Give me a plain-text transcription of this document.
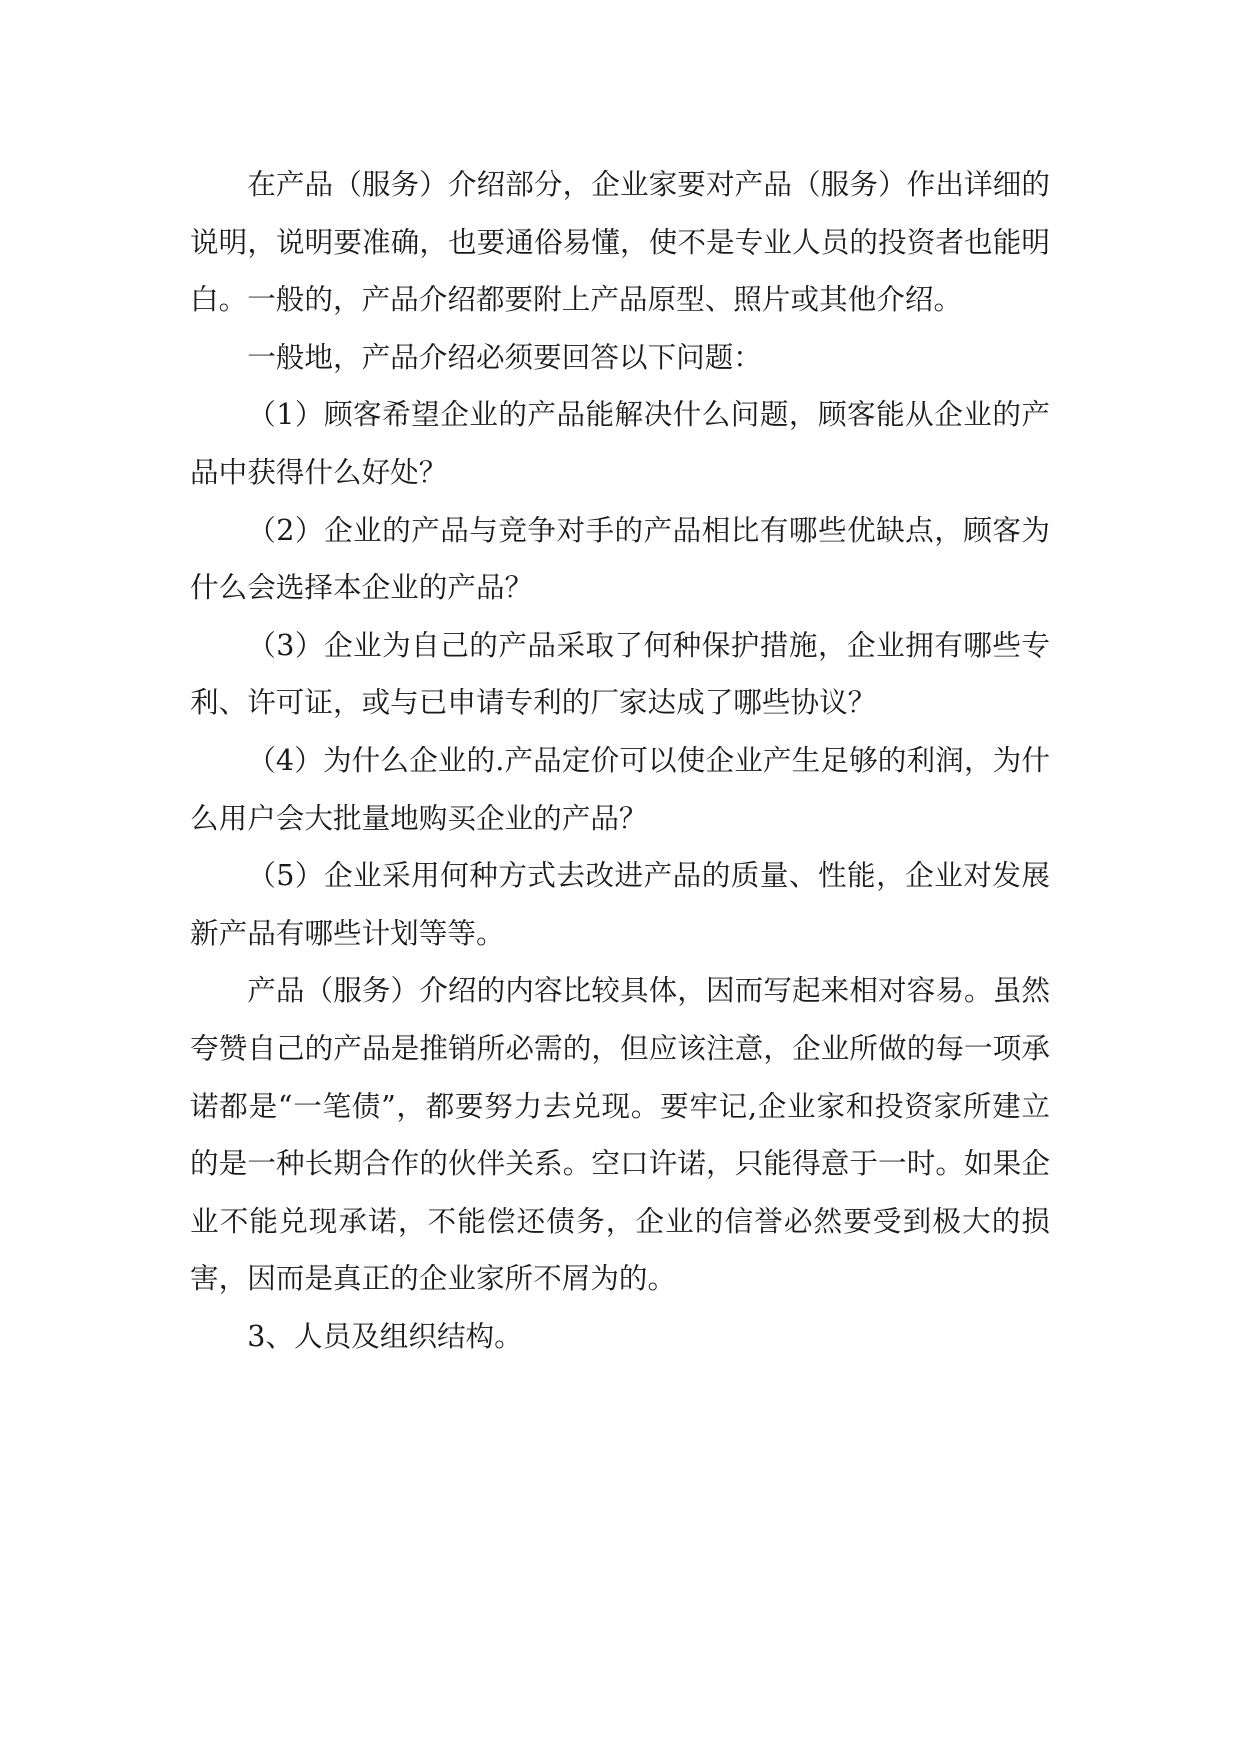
在产品（服务）介绍部分，企业家要对产品（服务）作出详细的说明，说明要准确，也要通俗易懂，使不是专业人员的投资者也能明白。一般的，产品介绍都要附上产品原型、照片或其他介绍。

一般地，产品介绍必须要回答以下问题：

（1）顾客希望企业的产品能解决什么问题，顾客能从企业的产品中获得什么好处？

（2）企业的产品与竞争对手的产品相比有哪些优缺点，顾客为什么会选择本企业的产品？

（3）企业为自己的产品采取了何种保护措施，企业拥有哪些专利、许可证，或与已申请专利的厂家达成了哪些协议？

（4）为什么企业的.产品定价可以使企业产生足够的利润，为什么用户会大批量地购买企业的产品？

（5）企业采用何种方式去改进产品的质量、性能，企业对发展新产品有哪些计划等等。

产品（服务）介绍的内容比较具体，因而写起来相对容易。虽然夸赞自己的产品是推销所必需的，但应该注意，企业所做的每一项承诺都是“一笔债”，都要努力去兑现。要牢记,企业家和投资家所建立的是一种长期合作的伙伴关系。空口许诺，只能得意于一时。如果企业不能兑现承诺，不能偿还债务，企业的信誉必然要受到极大的损害，因而是真正的企业家所不屑为的。

3、人员及组织结构。
